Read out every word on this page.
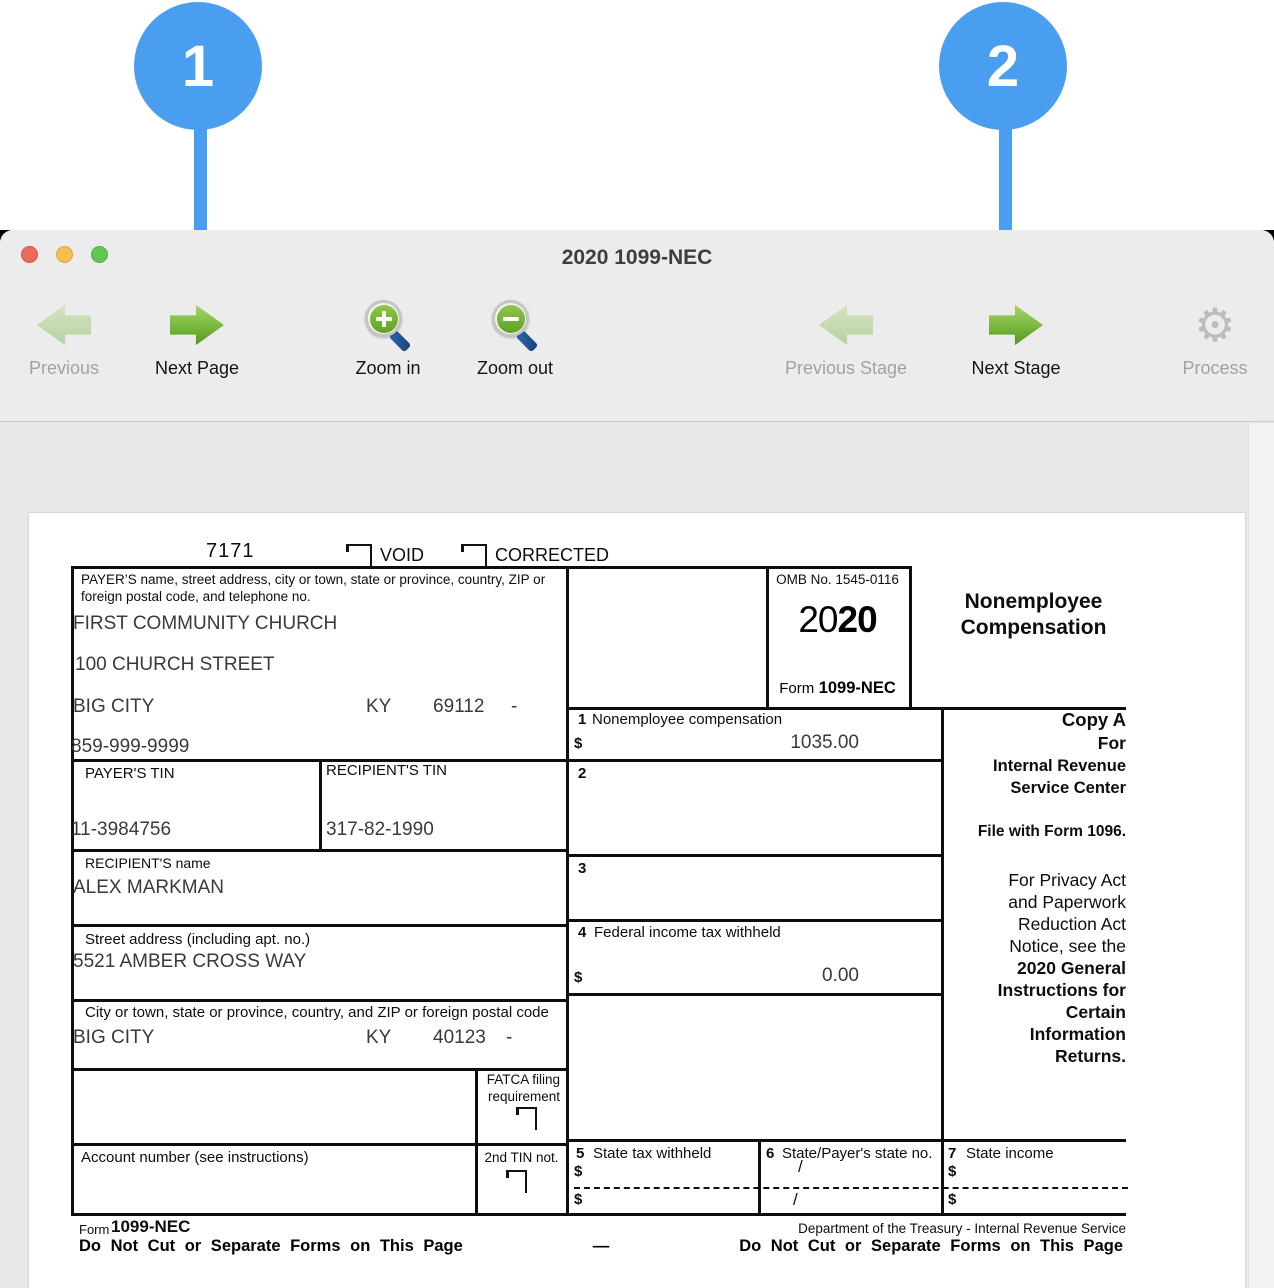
1	2
2020 1099-NEC
Previous	Next Page	Zoom in	Zoom out	Previous Stage	Next Stage
⚙
Process
7171	VOID	CORRECTED
PAYER’S name, street address, city or town, state or province, country, ZIP or foreign postal code, and telephone no.
FIRST COMMUNITY CHURCH
100 CHURCH STREET
BIG CITY	KY 69112 -
859-999-9999
PAYER'S TIN	RECIPIENT'S TIN
11-3984756	317-82-1990
RECIPIENT'S name
ALEX MARKMAN
Street address (including apt. no.)
5521 AMBER CROSS WAY
City or town, state or province, country, and ZIP or foreign postal code
BIG CITY	KY 40123 -
FATCA filing
requirement
Account number (see instructions)	2nd TIN not.
OMB No. 1545-0116
2020
Form 1099-NEC
Nonemployee
Compensation
1 Nonemployee compensation
$	1035.00
2
3
4 Federal income tax withheld
$	0.00
5 State tax withheld
$
$
6 State/Payer's state no.
/
/
7 State income
$
$
Copy A
For
Internal Revenue
Service Center
File with Form 1096.
For Privacy Act
and Paperwork
Reduction Act
Notice, see the
2020 General
Instructions for
Certain
Information
Returns.
Form 1099-NEC	Department of the Treasury - Internal Revenue Service
Do Not Cut or Separate Forms on This Page	—	Do Not Cut or Separate Forms on This Page
